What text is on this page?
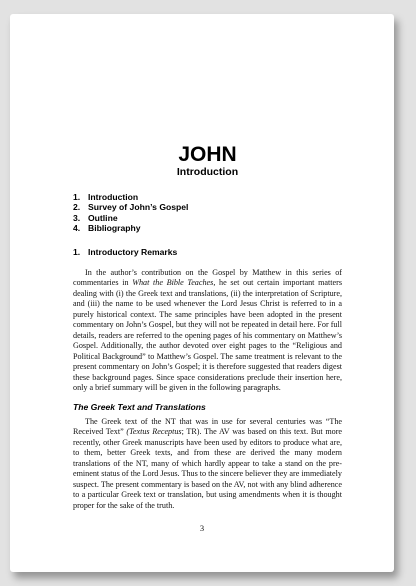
JOHN
Introduction
1. Introduction
2. Survey of John’s Gospel
3. Outline
4. Bibliography
1. Introductory Remarks

In the author’s contribution on the Gospel by Matthew in this series of commentaries in What the Bible Teaches, he set out certain important matters dealing with (i) the Greek text and translations, (ii) the interpretation of Scripture, and (iii) the name to be used whenever the Lord Jesus Christ is referred to in a purely historical context. The same principles have been adopted in the present commentary on John’s Gospel, but they will not be repeated in detail here. For full details, readers are referred to the opening pages of his commentary on Matthew’s Gospel. Additionally, the author devoted over eight pages to the “Religious and Political Background” to Matthew’s Gospel. The same treatment is relevant to the present commentary on John’s Gospel; it is therefore suggested that readers digest these background pages. Since space considerations preclude their insertion here, only a brief summary will be given in the following paragraphs.

The Greek Text and Translations

The Greek text of the NT that was in use for several centuries was “The Received Text” (Textus Receptus; TR). The AV was based on this text. But more recently, other Greek manuscripts have been used by editors to produce what are, to them, better Greek texts, and from these are derived the many modern translations of the NT, many of which hardly appear to take a stand on the pre-eminent status of the Lord Jesus. Thus to the sincere believer they are immediately suspect. The present commentary is based on the AV, not with any blind adherence to a particular Greek text or translation, but using amendments when it is thought proper for the sake of the truth.

3
